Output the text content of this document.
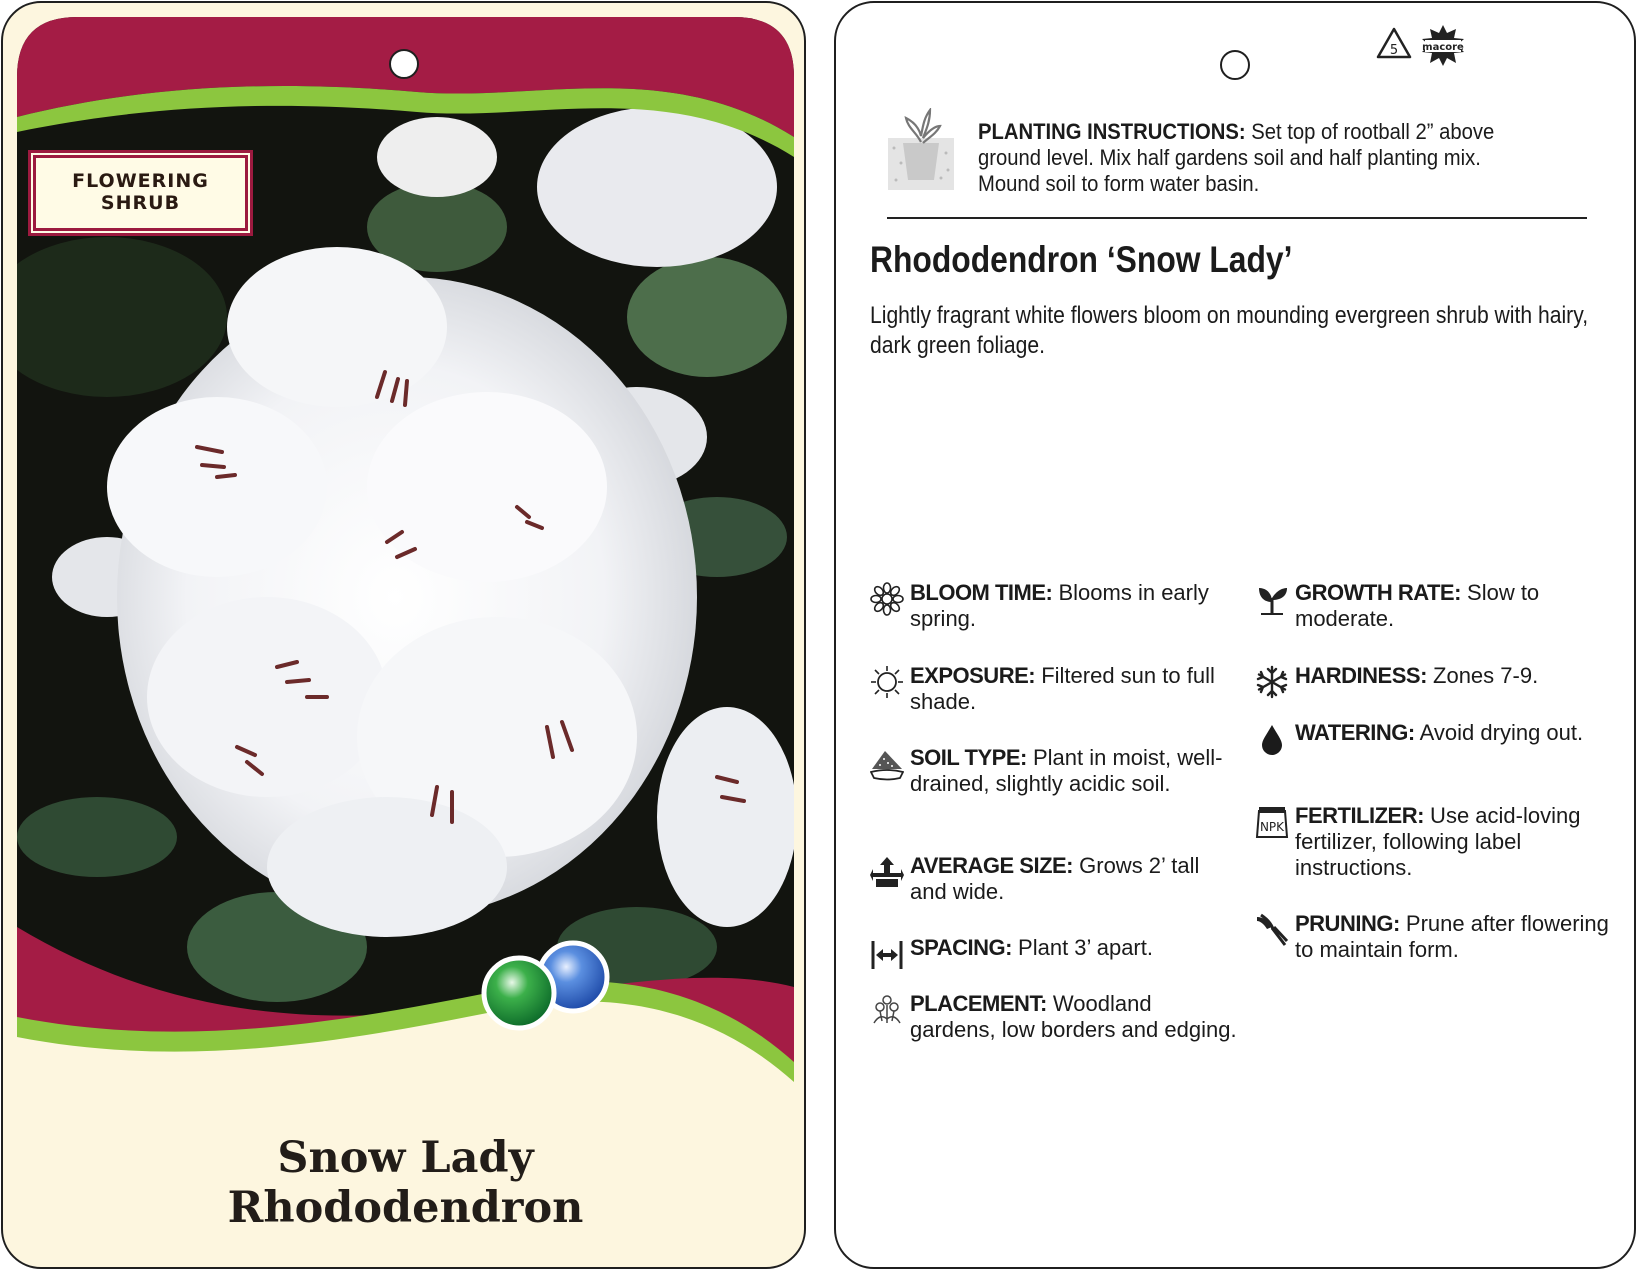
FLOWERING
SHRUB
Snow Lady
Rhododendron
5 macore
PLANTING INSTRUCTIONS: Set top of rootball 2” above ground level. Mix half gardens soil and half planting mix. Mound soil to form water basin.
Rhododendron ‘Snow Lady’
Lightly fragrant white flowers bloom on mounding evergreen shrub with hairy, dark green foliage.
BLOOM TIME: Blooms in early spring.
EXPOSURE: Filtered sun to full shade.
SOIL TYPE: Plant in moist, well-drained, slightly acidic soil.
AVERAGE SIZE: Grows 2’ tall and wide.
SPACING: Plant 3’ apart.
PLACEMENT: Woodland gardens, low borders and edging.
GROWTH RATE: Slow to moderate.
HARDINESS: Zones 7-9.
WATERING: Avoid drying out.
NPK FERTILIZER: Use acid-loving fertilizer, following label instructions.
PRUNING: Prune after flowering to maintain form.
